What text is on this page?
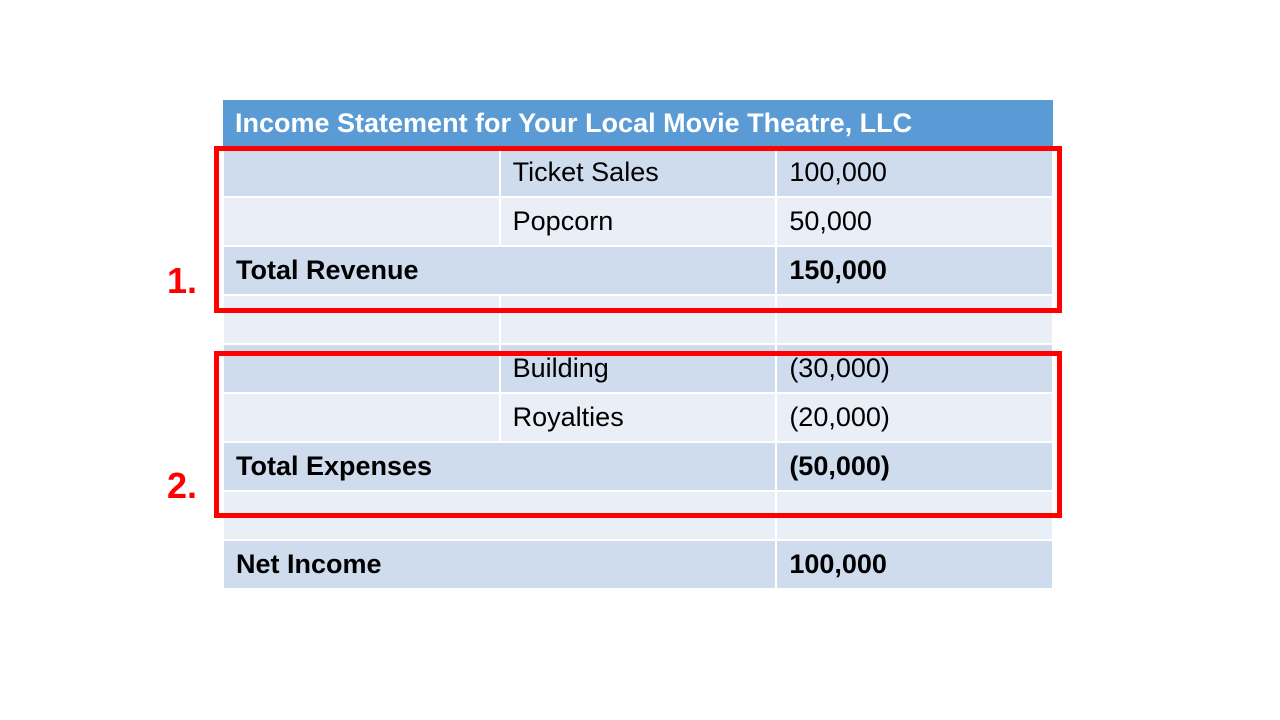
Income Statement for Your Local Movie Theatre, LLC		
	Ticket Sales	100,000
	Popcorn	50,000
Total Revenue		150,000

	Building	(30,000)
	Royalties	(20,000)
Total Expenses		(50,000)

Net Income		100,000
1.
2.
